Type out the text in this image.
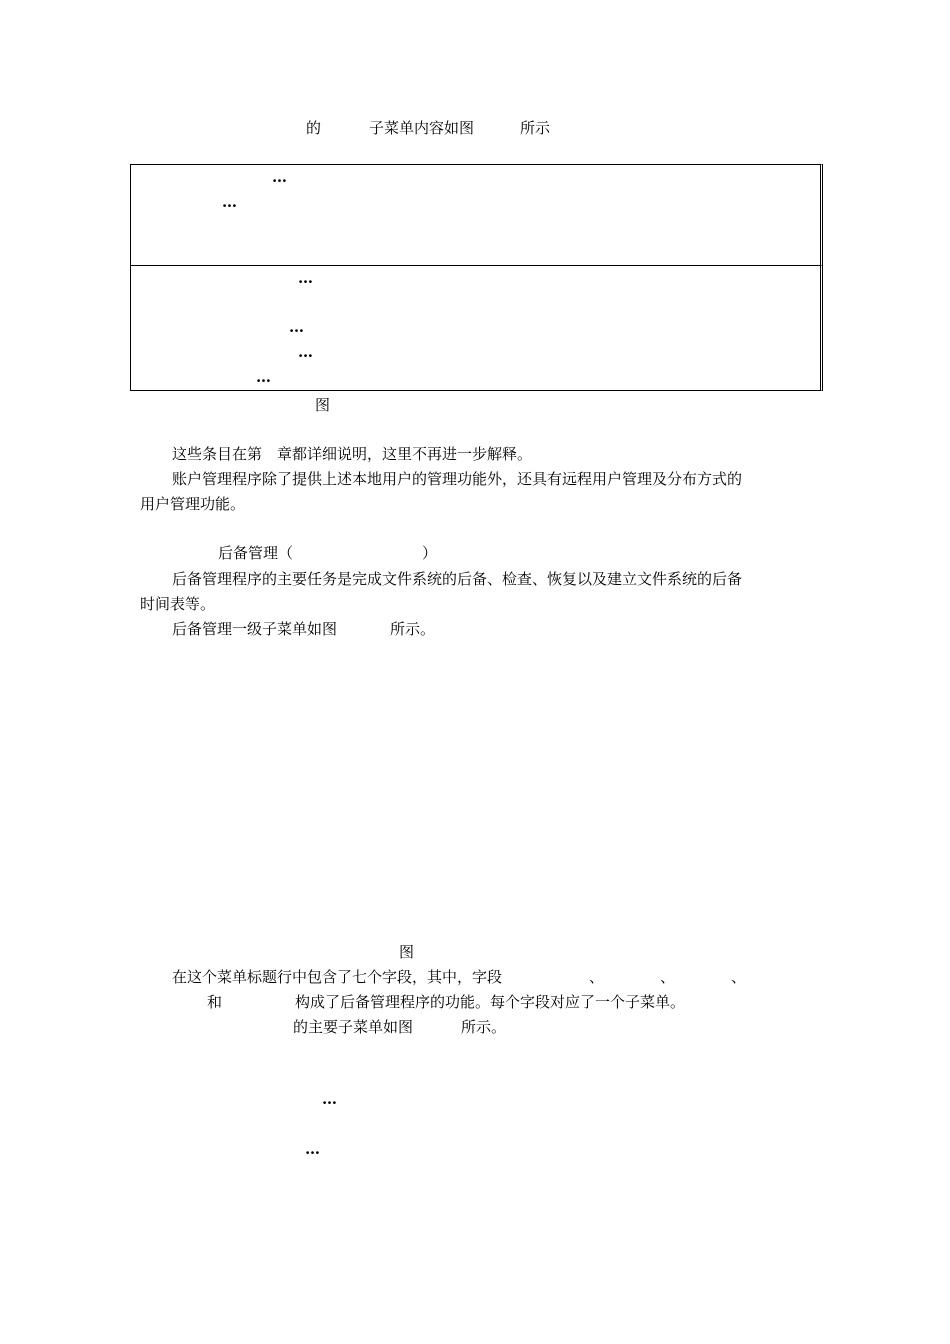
的	子菜单内容如图	所示
…
…
…
…
…
…
图
这些条目在第　章都详细说明，这里不再进一步解释。
账户管理程序除了提供上述本地用户的管理功能外，还具有远程用户管理及分布方式的
用户管理功能。
后备管理（	）
后备管理程序的主要任务是完成文件系统的后备、检查、恢复以及建立文件系统的后备
时间表等。
后备管理一级子菜单如图	所示。
图
在这个菜单标题行中包含了七个字段，其中，字段	、	、	、
和	构成了后备管理程序的功能。每个字段对应了一个子菜单。
的主要子菜单如图	所示。
…
…
